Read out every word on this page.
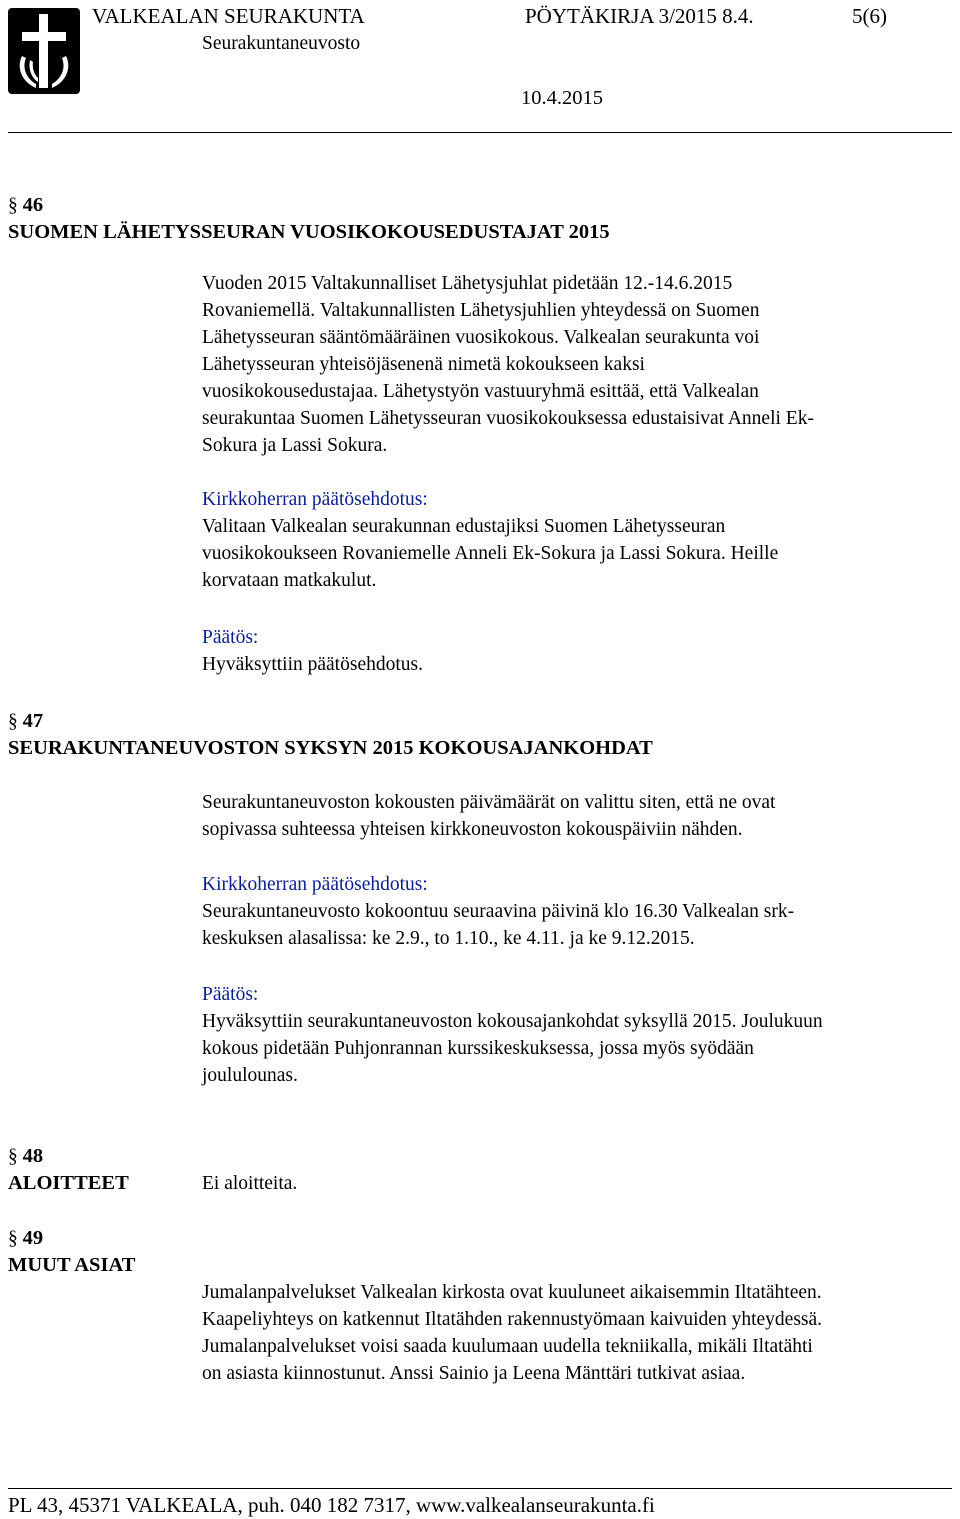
VALKEALAN SEURAKUNTA	PÖYTÄKIRJA 3/2015 8.4.	5(6)
Seurakuntaneuvosto
10.4.2015
§ 46
SUOMEN LÄHETYSSEURAN VUOSIKOKOUSEDUSTAJAT 2015
Vuoden 2015 Valtakunnalliset Lähetysjuhlat pidetään 12.-14.6.2015
Rovaniemellä. Valtakunnallisten Lähetysjuhlien yhteydessä on Suomen
Lähetysseuran sääntömääräinen vuosikokous. Valkealan seurakunta voi
Lähetysseuran yhteisöjäsenenä nimetä kokoukseen kaksi
vuosikokousedustajaa. Lähetystyön vastuuryhmä esittää, että Valkealan
seurakuntaa Suomen Lähetysseuran vuosikokouksessa edustaisivat Anneli Ek-
Sokura ja Lassi Sokura.
Kirkkoherran päätösehdotus:
Valitaan Valkealan seurakunnan edustajiksi Suomen Lähetysseuran
vuosikokoukseen Rovaniemelle Anneli Ek-Sokura ja Lassi Sokura. Heille
korvataan matkakulut.
Päätös:
Hyväksyttiin päätösehdotus.
§ 47
SEURAKUNTANEUVOSTON SYKSYN 2015 KOKOUSAJANKOHDAT
Seurakuntaneuvoston kokousten päivämäärät on valittu siten, että ne ovat
sopivassa suhteessa yhteisen kirkkoneuvoston kokouspäiviin nähden.
Kirkkoherran päätösehdotus:
Seurakuntaneuvosto kokoontuu seuraavina päivinä klo 16.30 Valkealan srk-
keskuksen alasalissa: ke 2.9., to 1.10., ke 4.11. ja ke 9.12.2015.
Päätös:
Hyväksyttiin seurakuntaneuvoston kokousajankohdat syksyllä 2015. Joulukuun
kokous pidetään Puhjonrannan kurssikeskuksessa, jossa myös syödään
joululounas.
§ 48
ALOITTEET	Ei aloitteita.
§ 49
MUUT ASIAT
Jumalanpalvelukset Valkealan kirkosta ovat kuuluneet aikaisemmin Iltatähteen.
Kaapeliyhteys on katkennut Iltatähden rakennustyömaan kaivuiden yhteydessä.
Jumalanpalvelukset voisi saada kuulumaan uudella tekniikalla, mikäli Iltatähti
on asiasta kiinnostunut. Anssi Sainio ja Leena Mänttäri tutkivat asiaa.
PL 43, 45371 VALKEALA, puh. 040 182 7317, www.valkealanseurakunta.fi
